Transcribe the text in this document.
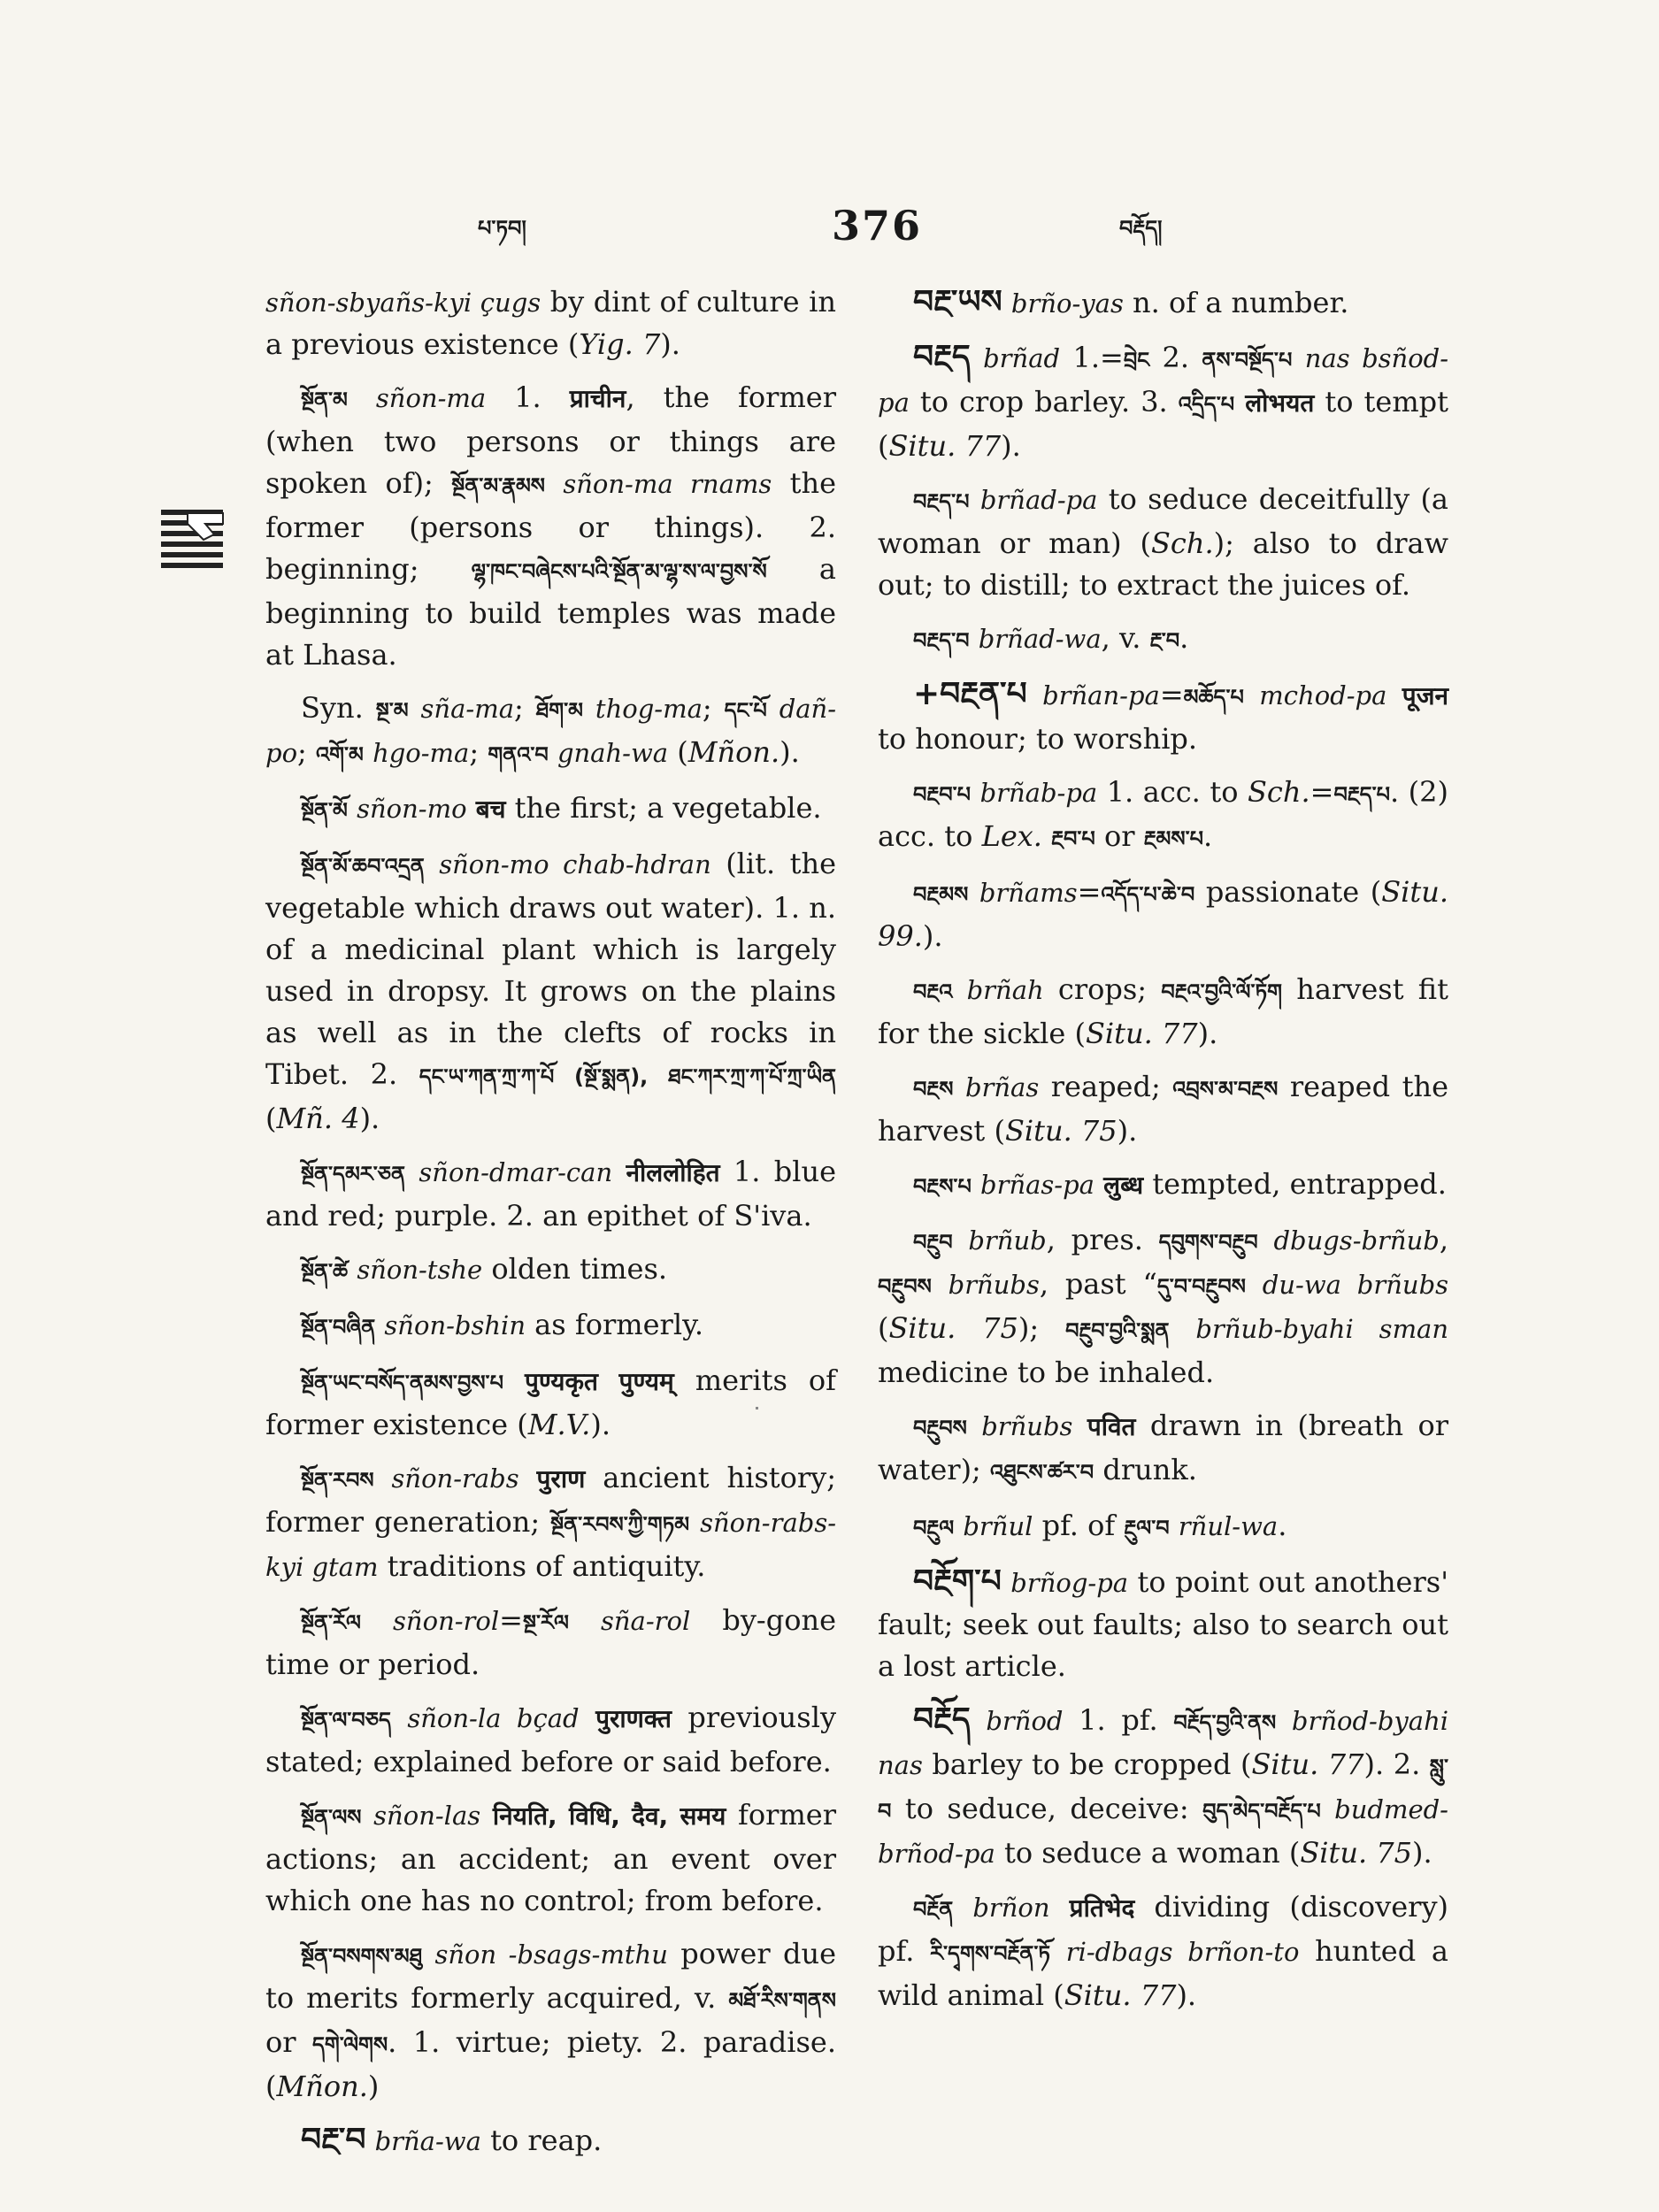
པ་ཏབ།	376	བརྡོད།

sñon-sbyañs-kyi çugs by dint of culture in a previous existence (Yig. 7).

སྔོན་མ sñon-ma 1. प्राचीन, the former (when two persons or things are spoken of); སྔོན་མ་རྣམས sñon-ma rnams the former (persons or things). 2. beginning; ལྷ་ཁང་བཞེངས་པའི་སྔོན་མ་ལྷ་ས་ལ་བྱས་སོ a beginning to build temples was made at Lhasa.

Syn. སྔ་མ sña-ma; ཐོག་མ thog-ma; དང་པོ dañ-po; འགོ་མ hgo-ma; གནའ་བ gnah-wa (Mñon.).

སྔོན་མོ sñon-mo बच the first; a vegetable.

སྔོན་མོ་ཆབ་འདྲན sñon-mo chab-hdran (lit. the vegetable which draws out water). 1. n. of a medicinal plant which is largely used in dropsy. It grows on the plains as well as in the clefts of rocks in Tibet. 2. དང་ཡ་ཀན་ཀྲ་ཀ་པོ (སྔོ་སྨན), ཐང་ཀར་ཀྲ་ཀ་པོ་ཀྲ་ཡིན (Mñ. 4).

སྔོན་དམར་ཅན sñon-dmar-can नीललोहित 1. blue and red; purple. 2. an epithet of S'iva.

སྔོན་ཚེ sñon-tshe olden times.

སྔོན་བཞིན sñon-bshin as formerly.

སྔོན་ཡང་བསོད་ནམས་བྱས་པ पुण्यकृत पुण्यम् merits of former existence (M.V.).

སྔོན་རབས sñon-rabs पुराण ancient history; former generation; སྔོན་རབས་ཀྱི་གཏམ sñon-rabs-kyi gtam traditions of antiquity.

སྔོན་རོལ sñon-rol=སྔ་རོལ sña-rol by-gone time or period.

སྔོན་ལ་བཅད sñon-la bçad पुराणक्त previously stated; explained before or said before.

སྔོན་ལས sñon-las नियति, विधि, दैव, समय former actions; an accident; an event over which one has no control; from before.

སྔོན་བསགས་མཐུ sñon -bsags-mthu power due to merits formerly acquired, v. མཐོ་རིས་གནས or དགེ་ལེགས. 1. virtue; piety. 2. paradise. (Mñon.)

བརྔ་བ brña-wa to reap.

བརྔ་ཡས brño-yas n. of a number.

བརྔད brñad 1.=བྲེང 2. ནས་བསྔོད་པ nas bsñod-pa to crop barley. 3. འདྲིད་པ लोभयत to tempt (Situ. 77).

བརྔད་པ brñad-pa to seduce deceitfully (a woman or man) (Sch.); also to draw out; to distill; to extract the juices of.

བརྔད་བ brñad-wa, v. རྔ་བ.

+བརྔན་པ brñan-pa=མཆོད་པ mchod-pa पूजन to honour; to worship.

བརྔབ་པ brñab-pa 1. acc. to Sch.=བརྔད་པ. (2) acc. to Lex. རྔབ་པ or རྔམས་པ.

བརྔམས brñams=འདོད་པ་ཆེ་བ passionate (Situ. 99.).

བརྔའ brñah crops; བརྔའ་བྱའི་ལོ་ཏོག harvest fit for the sickle (Situ. 77).

བརྔས brñas reaped; འབྲས་མ་བརྔས reaped the harvest (Situ. 75).

བརྔས་པ brñas-pa लुब्ध tempted, entrapped.

བརྔུབ brñub, pres. དབུགས་བརྔུབ dbugs-brñub, བརྔུབས brñubs, past “དུ་བ་བརྔུབས du-wa brñubs (Situ. 75); བརྔུབ་བྱའི་སྨན brñub-byahi sman medicine to be inhaled.

བརྔུབས brñubs पवित drawn in (breath or water); འཐུངས་ཚར་བ drunk.

བརྔུལ brñul pf. of རྔུལ་བ rñul-wa.

བརྔོག་པ brñog-pa to point out anothers' fault; seek out faults; also to search out a lost article.

བརྔོད brñod 1. pf. བརྔོད་བྱའི་ནས brñod-byahi nas barley to be cropped (Situ. 77). 2. སླུ་བ to seduce, deceive: བུད་མེད་བརྔོད་པ budmed-brñod-pa to seduce a woman (Situ. 75).

བརྔོན brñon प्रतिभेद dividing (discovery) pf. རི་དྭགས་བརྔོན་ཏོ ri-dbags brñon-to hunted a wild animal (Situ. 77).
